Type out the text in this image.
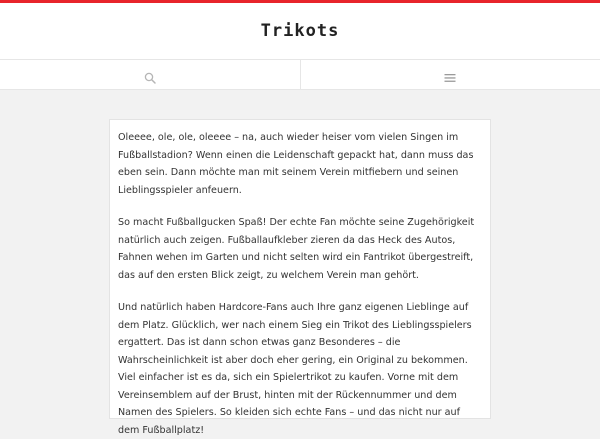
Trikots

Oleeee, ole, ole, oleeee – na, auch wieder heiser vom vielen Singen im Fußballstadion? Wenn einen die Leidenschaft gepackt hat, dann muss das eben sein. Dann möchte man mit seinem Verein mitfiebern und seinen Lieblingsspieler anfeuern.

So macht Fußballgucken Spaß! Der echte Fan möchte seine Zugehörigkeit natürlich auch zeigen. Fußballaufkleber zieren da das Heck des Autos, Fahnen wehen im Garten und nicht selten wird ein Fantrikot übergestreift, das auf den ersten Blick zeigt, zu welchem Verein man gehört.

Und natürlich haben Hardcore-Fans auch Ihre ganz eigenen Lieblinge auf dem Platz. Glücklich, wer nach einem Sieg ein Trikot des Lieblingsspielers ergattert. Das ist dann schon etwas ganz Besonderes – die Wahrscheinlichkeit ist aber doch eher gering, ein Original zu bekommen. Viel einfacher ist es da, sich ein Spielertrikot zu kaufen. Vorne mit dem Vereinsemblem auf der Brust, hinten mit der Rückennummer und dem Namen des Spielers. So kleiden sich echte Fans – und das nicht nur auf dem Fußballplatz!
